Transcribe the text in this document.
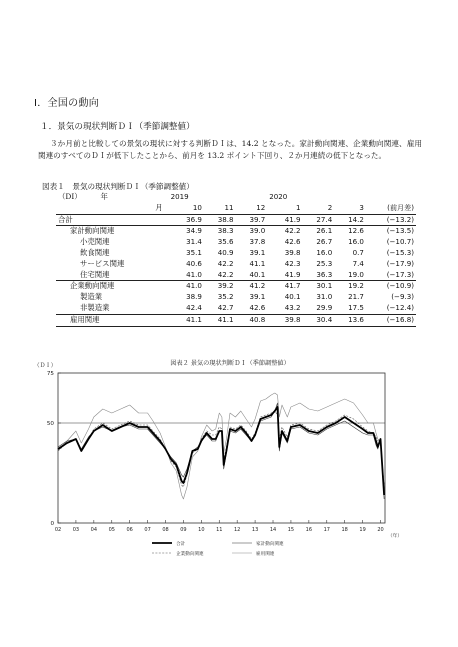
Ⅰ．全国の動向
１．景気の現状判断ＤＩ（季節調整値）

３か月前と比較しての景気の現状に対する判断ＤＩは、14.2 となった。家計動向関連、企業動向関連、雇用関連のすべてのＤＩが低下したことから、前月を 13.2 ポイント下回り、２か月連続の低下となった。

図表１　景気の現状判断ＤＩ（季節調整値）
（DI） 年	2019			2020			
月	10	11	12	1	2	3	(前月差)
合計	36.9	38.8	39.7	41.9	27.4	14.2	(−13.2)
家計動向関連	34.9	38.3	39.0	42.2	26.1	12.6	(−13.5)
小売関連	31.4	35.6	37.8	42.6	26.7	16.0	(−10.7)
飲食関連	35.1	40.9	39.1	39.8	16.0	0.7	(−15.3)
サービス関連	40.6	42.2	41.1	42.3	25.3	7.4	(−17.9)
住宅関連	41.0	42.2	40.1	41.9	36.3	19.0	(−17.3)
企業動向関連	41.0	39.2	41.2	41.7	30.1	19.2	(−10.9)
製造業	38.9	35.2	39.1	40.1	31.0	21.7	(−9.3)
非製造業	42.4	42.7	42.6	43.2	29.9	17.5	(−12.4)
雇用関連	41.1	41.1	40.8	39.8	30.4	13.6	(−16.8)
図表２ 景気の現状判断ＤＩ（季節調整値）
（ＤＩ）
0
50
75
02 03 04 05 06 07 08 09 10 11 12 13 14 15 16 17 18 19 20
（年）
合計	家計動向関連
企業動向関連	雇用関連
